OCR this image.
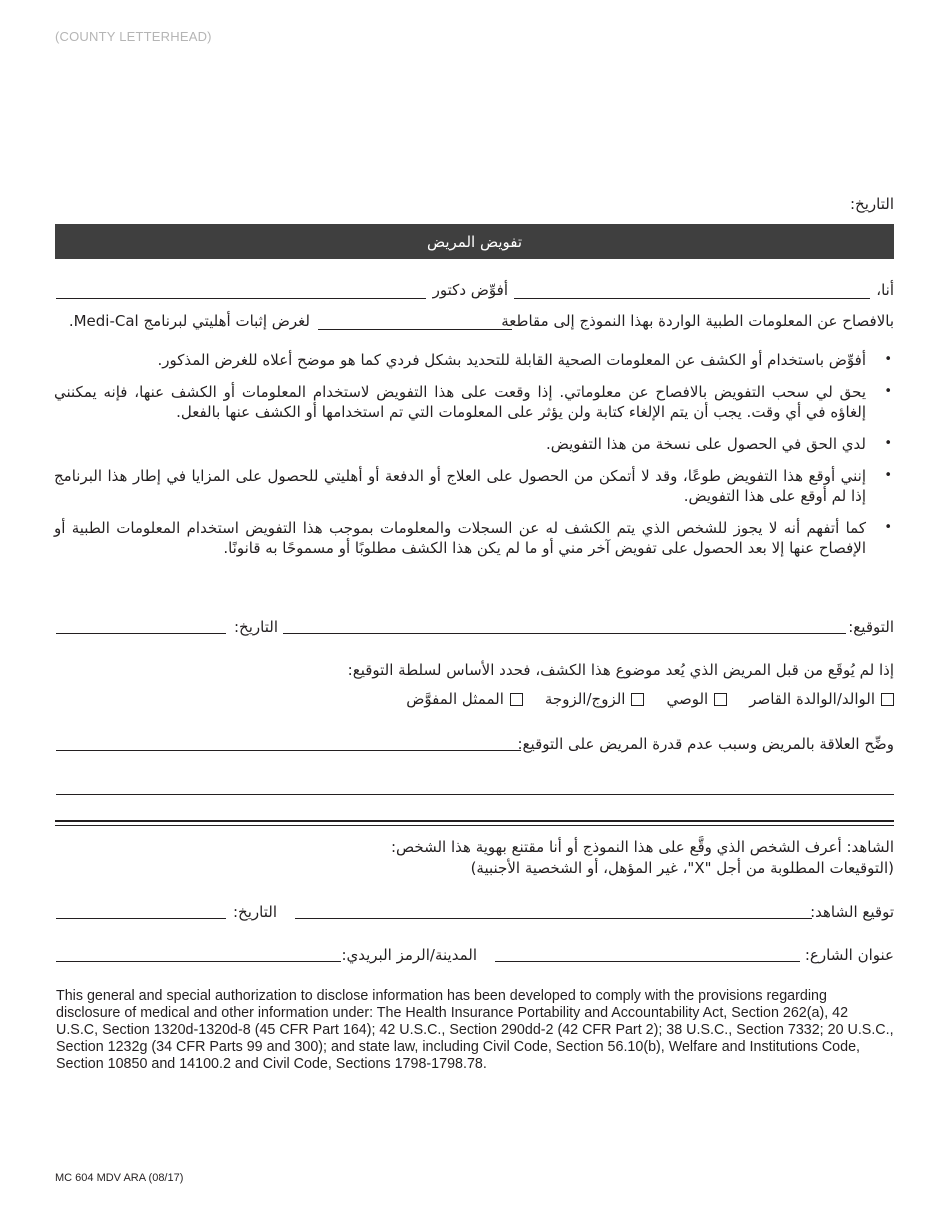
(COUNTY LETTERHEAD)
التاريخ:
تفويض المريض
أنا،
أفوِّض دكتور
بالافصاح عن المعلومات الطبية الواردة بهذا النموذج إلى مقاطعة
لغرض إثبات أهليتي لبرنامج Medi-Cal.
• أفوِّض باستخدام أو الكشف عن المعلومات الصحية القابلة للتحديد بشكل فردي كما هو موضح أعلاه للغرض المذكور.
• يحق لي سحب التفويض بالافصاح عن معلوماتي. إذا وقعت على هذا التفويض لاستخدام المعلومات أو الكشف عنها، فإنه يمكنني إلغاؤه في أي وقت. يجب أن يتم الإلغاء كتابة ولن يؤثر على المعلومات التي تم استخدامها أو الكشف عنها بالفعل.
• لدي الحق في الحصول على نسخة من هذا التفويض.
• إنني أوقع هذا التفويض طوعًا، وقد لا أتمكن من الحصول على العلاج أو الدفعة أو أهليتي للحصول على المزايا في إطار هذا البرنامج إذا لم أوقع على هذا التفويض.
• كما أتفهم أنه لا يجوز للشخص الذي يتم الكشف له عن السجلات والمعلومات بموجب هذا التفويض استخدام المعلومات الطبية أو الإفصاح عنها إلا بعد الحصول على تفويض آخر مني أو ما لم يكن هذا الكشف مطلوبًا أو مسموحًا به قانونًا.
التوقيع:
التاريخ:
إذا لم يُوقَع من قبل المريض الذي يُعد موضوع هذا الكشف، فحدد الأساس لسلطة التوقيع:
الوالد/الوالدة القاصر
الوصي
الزوج/الزوجة
الممثل المفوَّض
وضِّح العلاقة بالمريض وسبب عدم قدرة المريض على التوقيع:
الشاهد: أعرف الشخص الذي وقَّع على هذا النموذج أو أنا مقتنع بهوية هذا الشخص:
(التوقيعات المطلوبة من أجل "X"، غير المؤهل، أو الشخصية الأجنبية)
توقيع الشاهد:
التاريخ:
عنوان الشارع:
المدينة/الرمز البريدي:
This general and special authorization to disclose information has been developed to comply with the provisions regarding disclosure of medical and other information under: The Health Insurance Portability and Accountability Act, Section 262(a), 42 U.S.C, Section 1320d-1320d-8 (45 CFR Part 164); 42 U.S.C., Section 290dd-2 (42 CFR Part 2); 38 U.S.C., Section 7332; 20 U.S.C., Section 1232g (34 CFR Parts 99 and 300); and state law, including Civil Code, Section 56.10(b), Welfare and Institutions Code, Section 10850 and 14100.2 and Civil Code, Sections 1798-1798.78.
MC 604 MDV ARA (08/17)
